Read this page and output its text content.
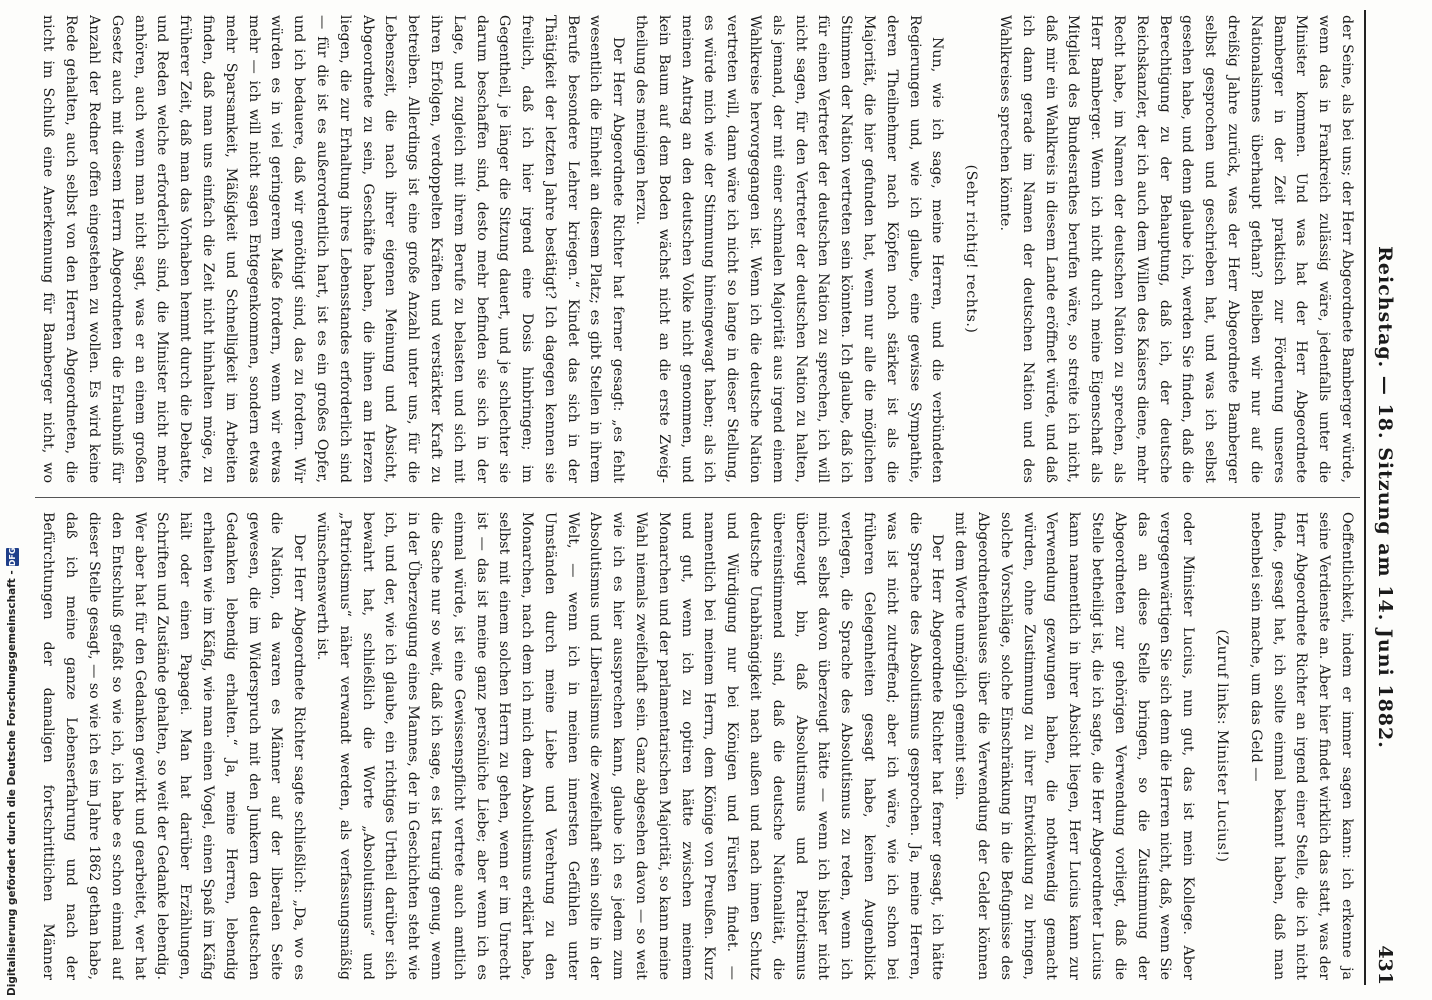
Reichstag. — 18. Sitzung am 14. Juni 1882.
431

der Seine, als bei uns; der Herr Abgeordnete Bamberger würde, wenn das in Frankreich zulässig wäre, jedenfalls unter die Minister kommen. Und was hat der Herr Abgeordnete Bamberger in der Zeit praktisch zur Förderung unseres Nationalsinnes überhaupt gethan? Bleiben wir nur auf die dreißig Jahre zurück, was der Herr Abgeordnete Bamberger selbst gesprochen und geschrieben hat, und was ich selbst gesehen habe, und denn glaube ich, werden Sie finden, daß die Berechtigung zu der Behauptung, daß ich, der deutsche Reichskanzler, der ich auch dem Willen des Kaisers diene, mehr Recht habe, im Namen der deutschen Nation zu sprechen, als Herr Bamberger. Wenn ich nicht durch meine Eigenschaft als Mitglied des Bundesrathes berufen wäre, so streite ich nicht, daß mir ein Wahlkreis in diesem Lande eröffnet würde, und daß ich dann gerade im Namen der deutschen Nation und des Wahlkreises sprechen könnte.

(Sehr richtig! rechts.)

Nun, wie ich sage, meine Herren, und die verbündeten Regierungen und, wie ich glaube, eine gewisse Sympathie, deren Theilnehmer nach Köpfen noch stärker ist als die Majorität, die hier gefunden hat, wenn nur alle die möglichen Stimmen der Nation vertreten sein könnten. Ich glaube, daß ich für einen Vertreter der deutschen Nation zu sprechen, ich will nicht sagen, für den Vertreter der deutschen Nation zu halten, als jemand, der mit einer schmalen Majorität aus irgend einem Wahlkreise hervorgegangen ist. Wenn ich die deutsche Nation vertreten will, dann wäre ich nicht so lange in dieser Stellung, es würde mich wie der Stimmung hineingewagt haben; als ich meinen Antrag an den deutschen Volke nicht genommen, und kein Baum auf dem Boden wächst nicht an die erste Zweig-theilung des meinigen herzu.

Der Herr Abgeordnete Richter hat ferner gesagt: „es fehlt wesentlich die Einheit an diesem Platz; es gibt Stellen in ihrem Berufe besondere Lehrer kriegen.“ Kindet das sich in der Thätigkeit der letzten Jahre bestätigt? Ich dagegen kennen sie freilich, daß ich hier irgend eine Dosis hinbringen; im Gegentheil, je länger die Sitzung dauert, und je schlechter sie darum beschaffen sind, desto mehr befinden sie sich in der Lage, und zugleich mit ihrem Berufe zu belasten und sich mit ihren Erfolgen, verdoppelten Kräften und verstärkter Kraft zu betreiben. Allerdings ist eine große Anzahl unter uns, für die Lebenszeit, die nach ihrer eigenen Meinung und Absicht, Abgeordnete zu sein, Geschäfte haben, die ihnen am Herzen liegen, die zur Erhaltung ihres Lebensstandes erforderlich sind — für die ist es außerordentlich hart, ist es ein großes Opfer, und ich bedauere, daß wir genöthigt sind, das zu fordern. Wir würden es in viel geringerem Maße fordern, wenn wir etwas mehr — ich will nicht sagen Entgegenkommen, sondern etwas mehr Sparsamkeit, Mäßigkeit und Schnelligkeit im Arbeiten finden, daß man uns einfach die Zeit nicht hinhalten möge, zu früherer Zeit, daß man das Vorhaben hemmt durch die Debatte, und Reden welche erforderlich sind, die Minister nicht mehr anhören, auch wenn man nicht sagt, was er an einem großen Gesetz auch mit diesem Herrn Abgeordneten die Erlaubniß für Anzahl der Redner offen eingestehen zu wollen. Es wird keine Rede gehalten, auch selbst von den Herren Abgeordneten, die nicht im Schluß eine Anerkennung für Bamberger nicht, wo

Oeffentlichkeit, indem er immer sagen kann: ich erkenne ja seine Verdienste an. Aber hier findet wirklich das statt, was der Herr Abgeordnete Richter an irgend einer Stelle, die ich nicht finde, gesagt hat, ich sollte einmal bekannt haben, daß man nebenbei sein mache, um das Geld —

(Zuruf links: Minister Lucius!)

oder Minister Lucius, nun gut, das ist mein Kollege. Aber vergegenwärtigen Sie sich denn die Herren nicht, daß, wenn Sie das an diese Stelle bringen, so die Zustimmung der Abgeordneten zur gehörigen Verwendung vorliegt, daß die Stelle betheiligt ist, die ich sagte, die Herr Abgeordneter Lucius kann namentlich in ihrer Absicht liegen, Herr Lucius kann zur Verwendung gezwungen haben, die nothwendig gemacht würden, ohne Zustimmung zu ihrer Entwicklung zu bringen, solche Vorschläge, solche Einschränkung in die Befugnisse des Abgeordnetenhauses über die Verwendung der Gelder können mit dem Worte unmöglich gemeint sein.

Der Herr Abgeordnete Richter hat ferner gesagt, ich hätte die Sprache des Absolutismus gesprochen. Ja, meine Herren, was ist nicht zutreffend; aber ich wäre, wie ich schon bei früheren Gelegenheiten gesagt habe, keinen Augenblick verlegen, die Sprache des Absolutismus zu reden, wenn ich mich selbst davon überzeugt hätte — wenn ich bisher nicht überzeugt bin, daß Absolutismus und Patriotismus übereinstimmend sind, daß die deutsche Nationalität, die deutsche Unabhängigkeit nach außen und nach innen Schutz und Würdigung nur bei Königen und Fürsten findet. — namentlich bei meinem Herrn, dem Könige von Preußen. Kurz und gut, wenn ich zu optiren hätte zwischen meinem Monarchen und der parlamentarischen Majorität, so kann meine Wahl niemals zweifelhaft sein. Ganz abgesehen davon — so weit wie ich es hier aussprechen kann, glaube ich es jedem zum Absolutismus und Liberalismus die zweifelhaft sein sollte in der Welt, — wenn ich in meinen innersten Gefühlen unter Umständen durch meine Liebe und Verehrung zu den Monarchen, nach dem ich mich dem Absolutismus erklärt habe, selbst mit einem solchen Herrn zu gehen, wenn er im Unrecht ist — das ist meine ganz persönliche Liebe; aber wenn ich es einmal würde, ist eine Gewissenspflicht vertrete auch amtlich die Sache nur so weit, daß ich sage, es ist traurig genug, wenn in der Überzeugung eines Mannes, der in Geschichten steht wie ich, und der, wie ich glaube, ein richtiges Urtheil darüber sich bewahrt hat, schließlich die Worte „Absolutismus“ und „Patriotismus“ näher verwandt werden, als verfassungsmäßig wünschenswerth ist.

Der Herr Abgeordnete Richter sagte schließlich: „Da, wo es die Nation, da waren es Männer auf der liberalen Seite gewesen, die im Widerspruch mit den Junkern den deutschen Gedanken lebendig erhalten.“ Ja, meine Herren, lebendig erhalten wie im Käfig, wie man einen Vogel, einen Spaß im Käfig hält oder einen Papagei. Man hat darüber Erzählungen, Schriften und Zustände gehalten, so weit der Gedanke lebendig. Wer aber hat für den Gedanken gewirkt und gearbeitet, wer hat den Entschluß gefaßt so wie ich, ich habe es schon einmal auf dieser Stelle gesagt, — so wie ich es im Jahre 1862 gethan habe, daß ich meine ganze Lebenserfahrung und nach der Befürchtungen der damaligen fortschrittlichen Männer

Digitalisierung gefördert durch die Deutsche Forschungsgemeinschaft -
DFG
